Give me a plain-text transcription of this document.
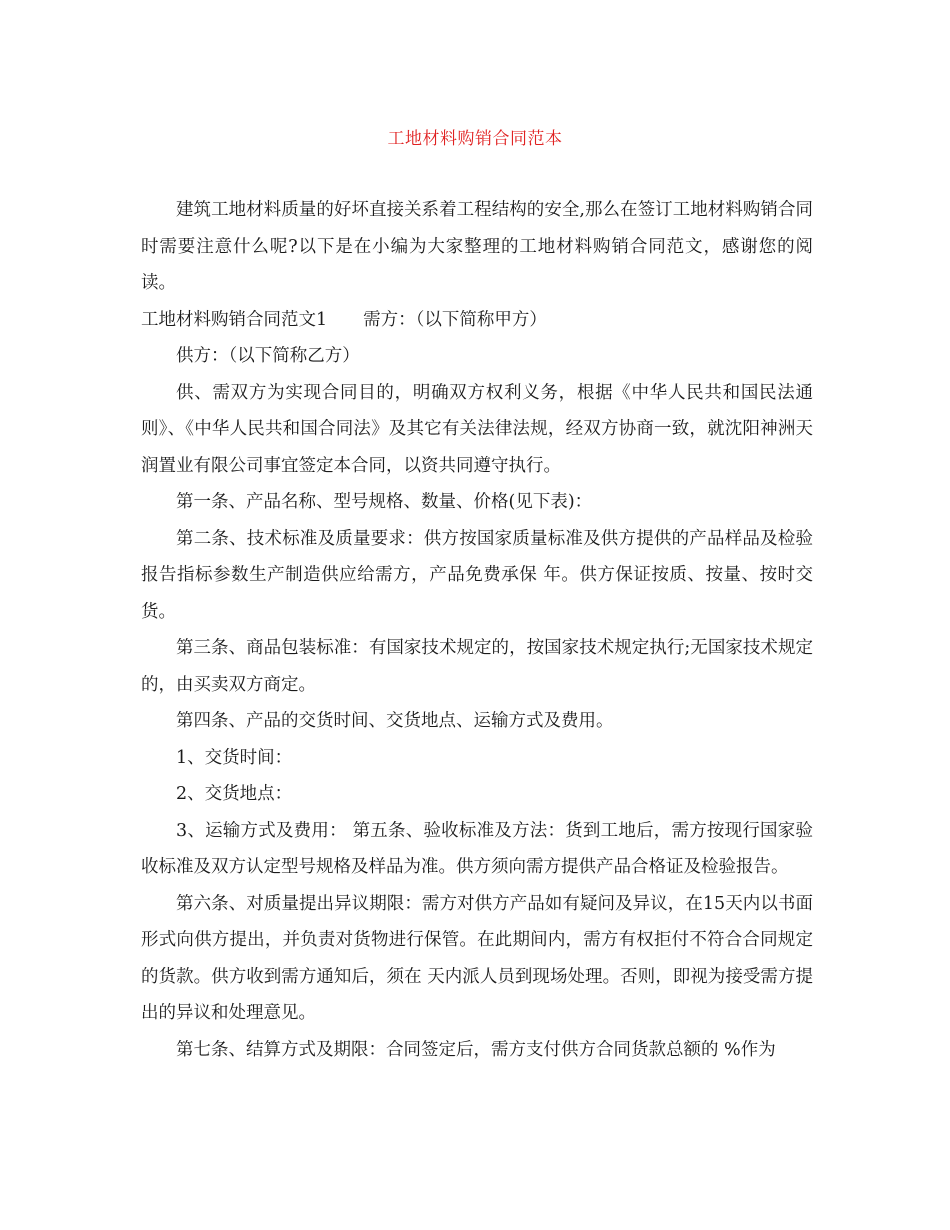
工地材料购销合同范本

建筑工地材料质量的好坏直接关系着工程结构的安全,那么在签订工地材料购销合同时需要注意什么呢?以下是在小编为大家整理的工地材料购销合同范文，感谢您的阅读。

工地材料购销合同范文1 需方：（以下简称甲方）

供方：（以下简称乙方）

供、需双方为实现合同目的，明确双方权利义务，根据《中华人民共和国民法通则》、《中华人民共和国合同法》及其它有关法律法规，经双方协商一致，就沈阳神洲天润置业有限公司事宜签定本合同，以资共同遵守执行。

第一条、产品名称、型号规格、数量、价格(见下表)：

第二条、技术标准及质量要求：供方按国家质量标准及供方提供的产品样品及检验报告指标参数生产制造供应给需方，产品免费承保 年。供方保证按质、按量、按时交货。

第三条、商品包装标准：有国家技术规定的，按国家技术规定执行;无国家技术规定的，由买卖双方商定。

第四条、产品的交货时间、交货地点、运输方式及费用。

1、交货时间：

2、交货地点：

3、运输方式及费用： 第五条、验收标准及方法：货到工地后，需方按现行国家验收标准及双方认定型号规格及样品为准。供方须向需方提供产品合格证及检验报告。

第六条、对质量提出异议期限：需方对供方产品如有疑问及异议，在15天内以书面形式向供方提出，并负责对货物进行保管。在此期间内，需方有权拒付不符合合同规定的货款。供方收到需方通知后，须在 天内派人员到现场处理。否则，即视为接受需方提出的异议和处理意见。

第七条、结算方式及期限：合同签定后，需方支付供方合同货款总额的 %作为
